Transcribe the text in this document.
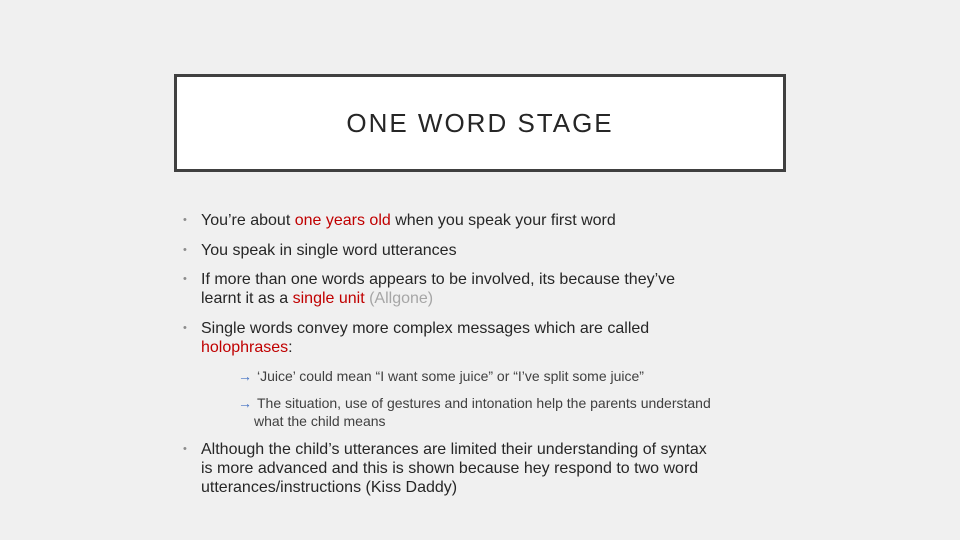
ONE WORD STAGE
• You’re about one years old when you speak your first word
• You speak in single word utterances
• If more than one words appears to be involved, its because they’ve
learnt it as a single unit (Allgone)
• Single words convey more complex messages which are called
holophrases:
→ ‘Juice’ could mean “I want some juice” or “I’ve split some juice”
→ The situation, use of gestures and intonation help the parents understand
what the child means
• Although the child’s utterances are limited their understanding of syntax
is more advanced and this is shown because hey respond to two word
utterances/instructions (Kiss Daddy)
